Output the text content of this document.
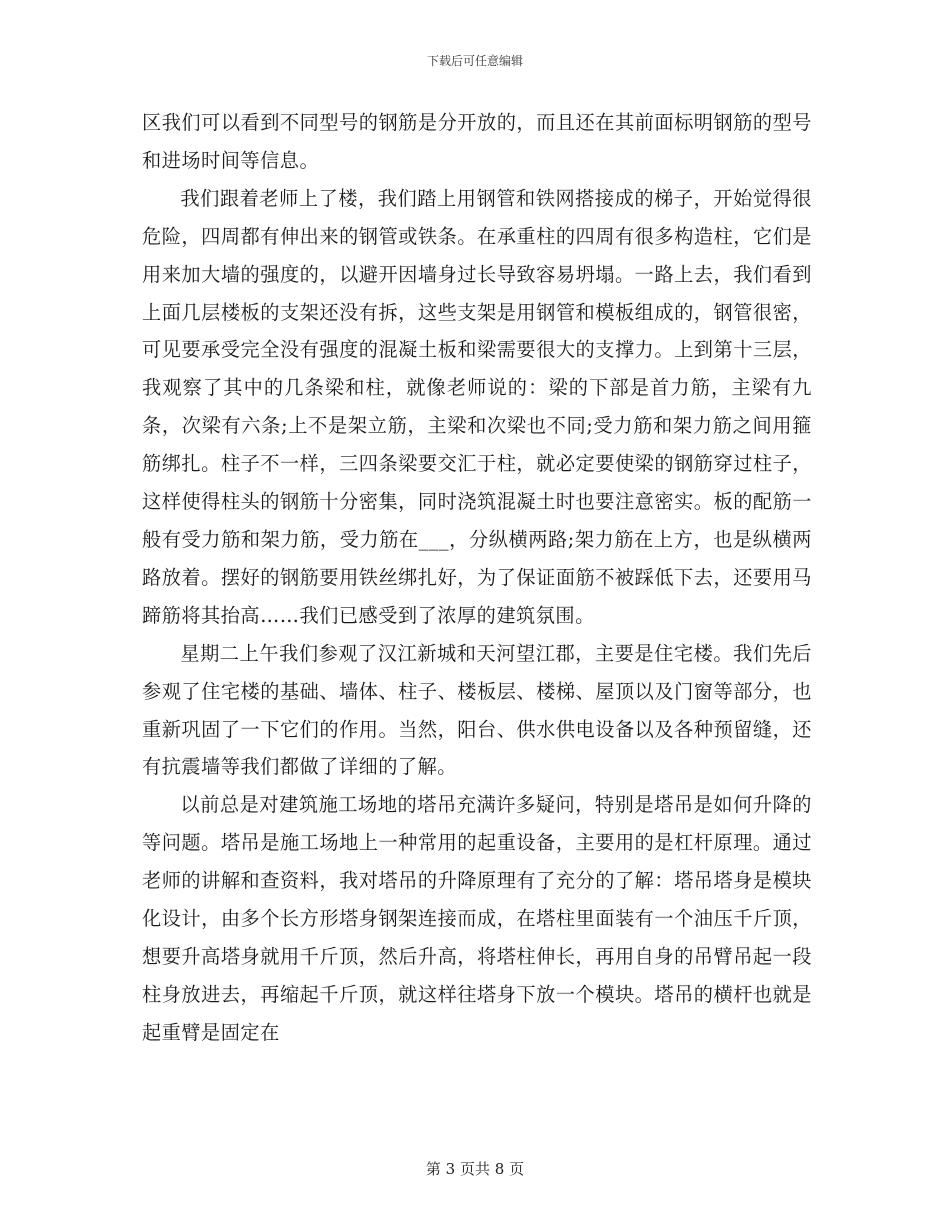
下载后可任意编辑

区我们可以看到不同型号的钢筋是分开放的，而且还在其前面标明钢筋的型号和进场时间等信息。

我们跟着老师上了楼，我们踏上用钢管和铁网搭接成的梯子，开始觉得很危险，四周都有伸出来的钢管或铁条。在承重柱的四周有很多构造柱，它们是用来加大墙的强度的，以避开因墙身过长导致容易坍塌。一路上去，我们看到上面几层楼板的支架还没有拆，这些支架是用钢管和模板组成的，钢管很密，可见要承受完全没有强度的混凝土板和梁需要很大的支撑力。上到第十三层，我观察了其中的几条梁和柱，就像老师说的：梁的下部是首力筋，主梁有九条，次梁有六条;上不是架立筋，主梁和次梁也不同;受力筋和架力筋之间用箍筋绑扎。柱子不一样，三四条梁要交汇于柱，就必定要使梁的钢筋穿过柱子，这样使得柱头的钢筋十分密集，同时浇筑混凝土时也要注意密实。板的配筋一般有受力筋和架力筋，受力筋在___，分纵横两路;架力筋在上方，也是纵横两路放着。摆好的钢筋要用铁丝绑扎好，为了保证面筋不被踩低下去，还要用马蹄筋将其抬高……我们已感受到了浓厚的建筑氛围。

星期二上午我们参观了汉江新城和天河望江郡，主要是住宅楼。我们先后参观了住宅楼的基础、墙体、柱子、楼板层、楼梯、屋顶以及门窗等部分，也重新巩固了一下它们的作用。当然，阳台、供水供电设备以及各种预留缝，还有抗震墙等我们都做了详细的了解。

以前总是对建筑施工场地的塔吊充满许多疑问，特别是塔吊是如何升降的等问题。塔吊是施工场地上一种常用的起重设备，主要用的是杠杆原理。通过老师的讲解和查资料，我对塔吊的升降原理有了充分的了解：塔吊塔身是模块化设计，由多个长方形塔身钢架连接而成，在塔柱里面装有一个油压千斤顶，想要升高塔身就用千斤顶，然后升高，将塔柱伸长，再用自身的吊臂吊起一段柱身放进去，再缩起千斤顶，就这样往塔身下放一个模块。塔吊的横杆也就是起重臂是固定在

第 3 页共 8 页
